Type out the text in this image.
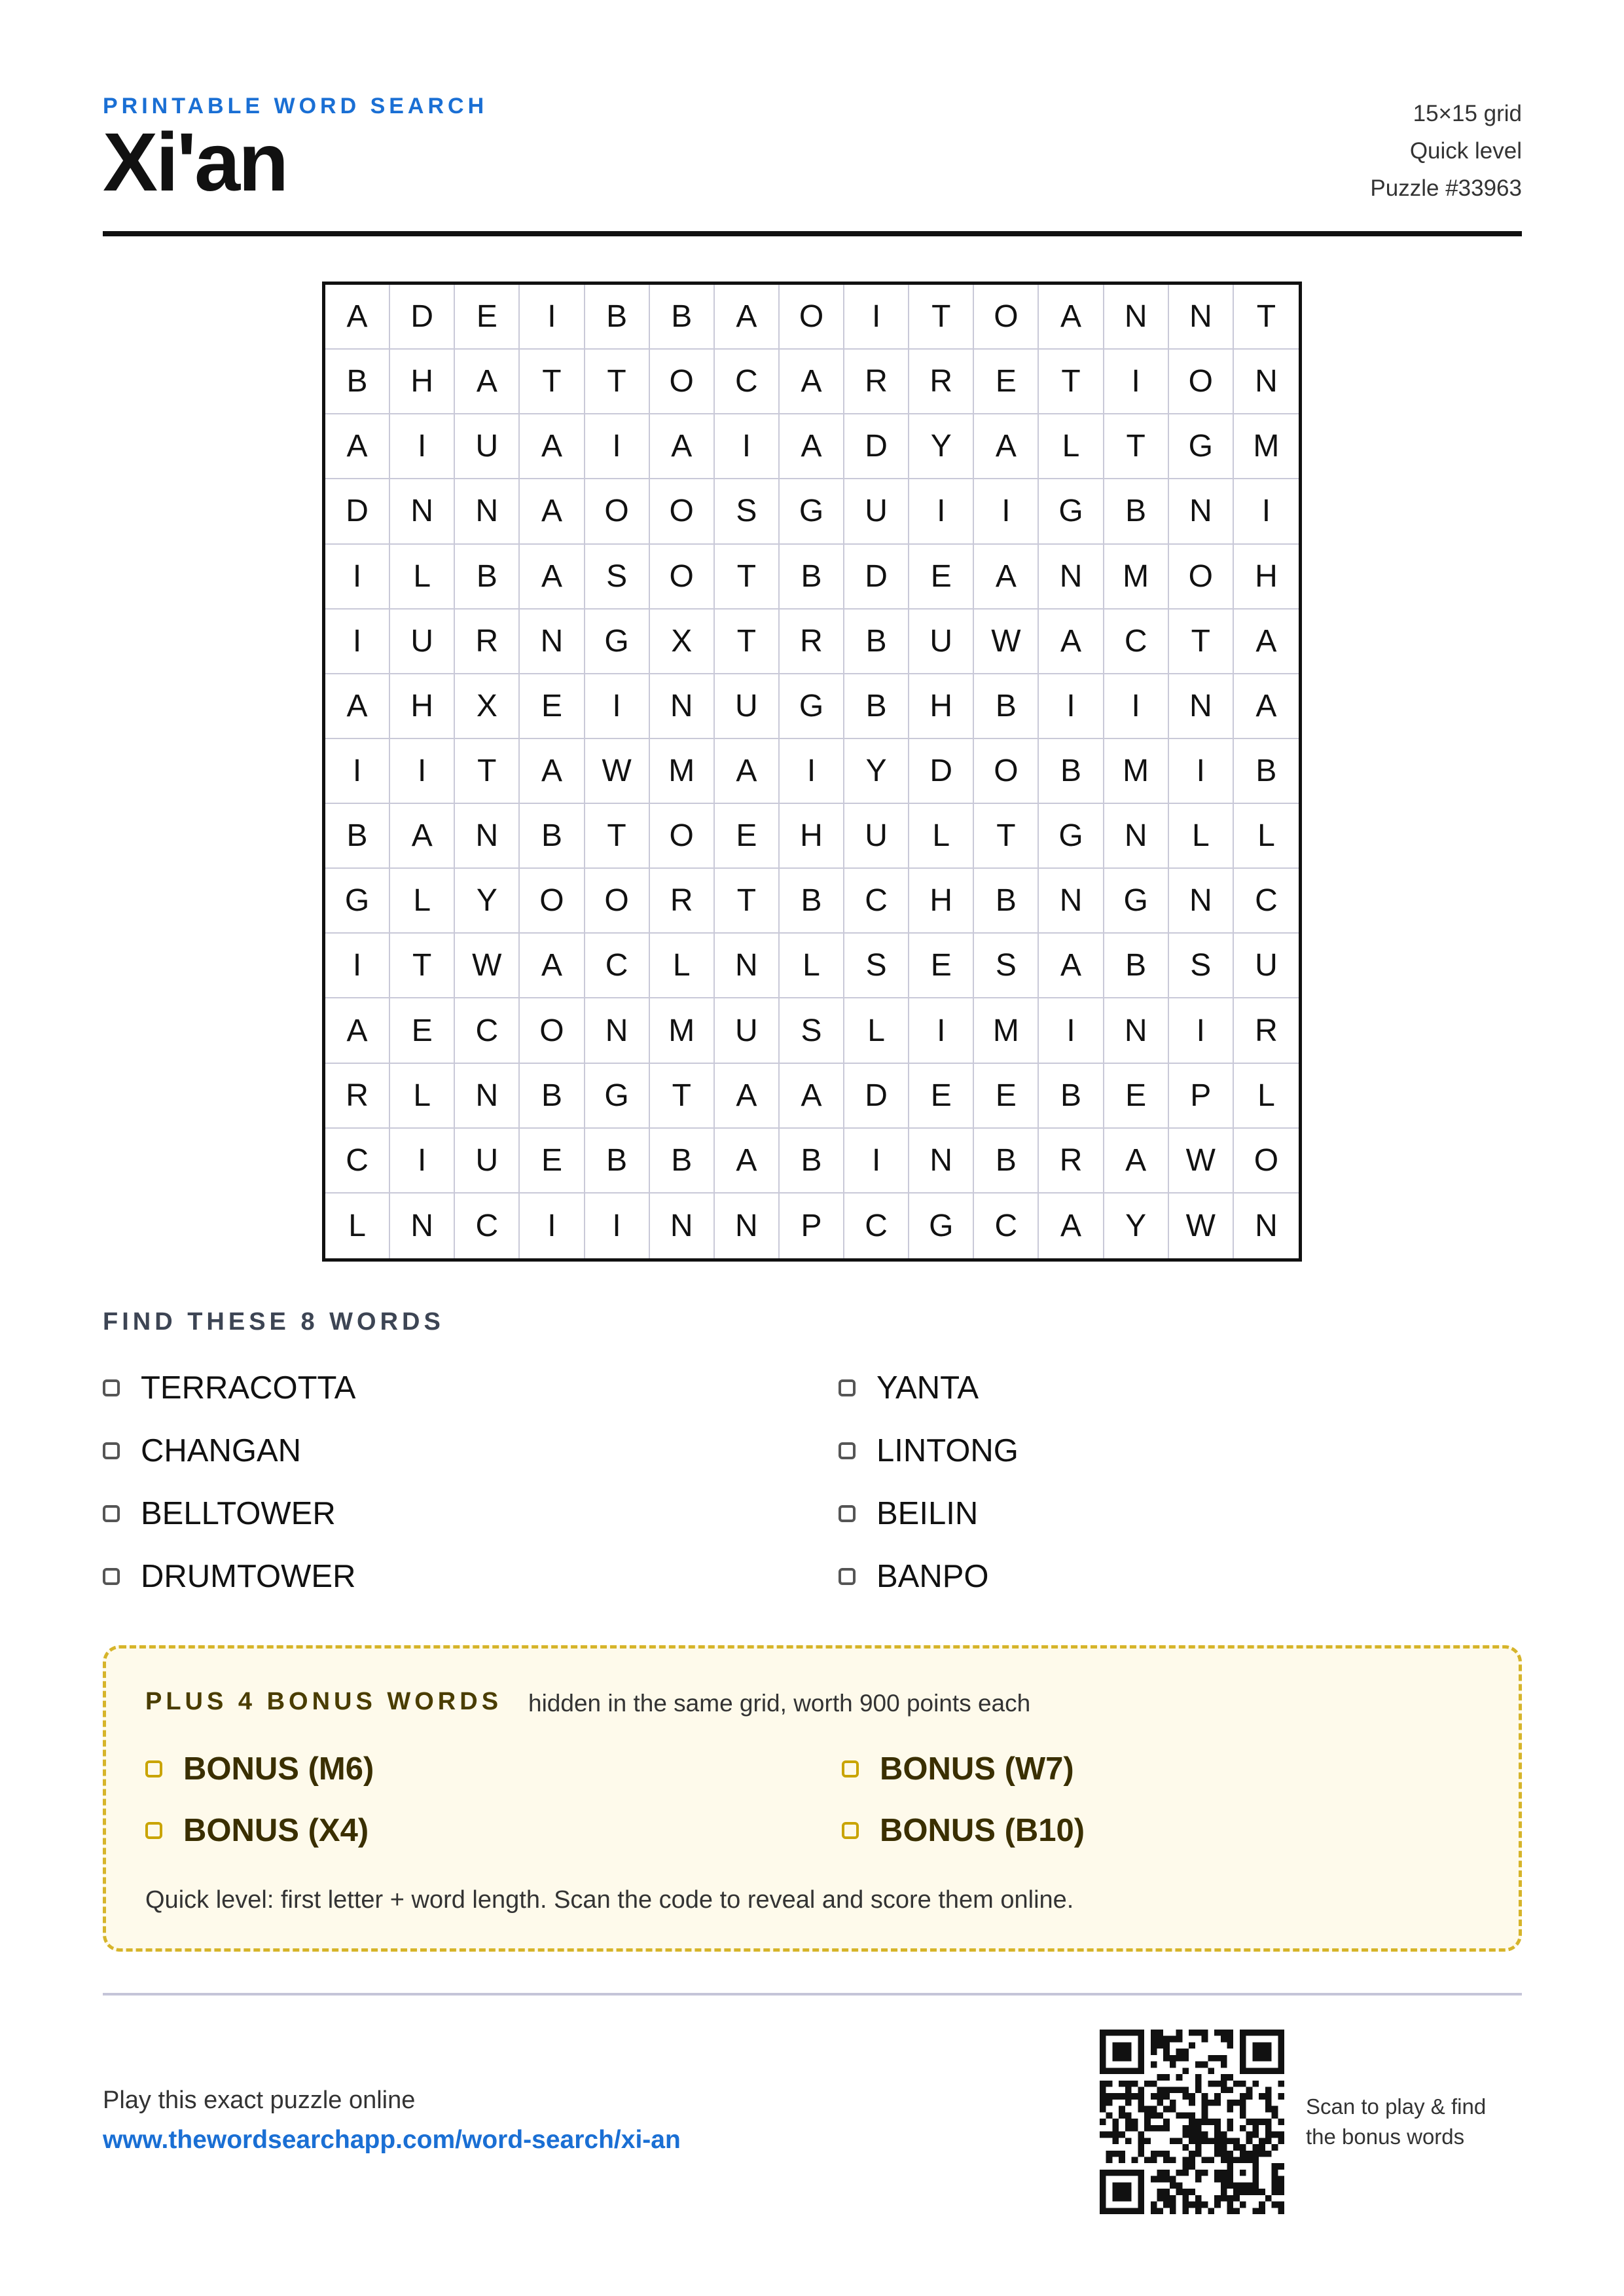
PRINTABLE WORD SEARCH
Xi'an
15×15 grid
Quick level
Puzzle #33963
A	D	E	I	B	B	A	O	I	T	O	A	N	N	T
B	H	A	T	T	O	C	A	R	R	E	T	I	O	N
A	I	U	A	I	A	I	A	D	Y	A	L	T	G	M
D	N	N	A	O	O	S	G	U	I	I	G	B	N	I
I	L	B	A	S	O	T	B	D	E	A	N	M	O	H
I	U	R	N	G	X	T	R	B	U	W	A	C	T	A
A	H	X	E	I	N	U	G	B	H	B	I	I	N	A
I	I	T	A	W	M	A	I	Y	D	O	B	M	I	B
B	A	N	B	T	O	E	H	U	L	T	G	N	L	L
G	L	Y	O	O	R	T	B	C	H	B	N	G	N	C
I	T	W	A	C	L	N	L	S	E	S	A	B	S	U
A	E	C	O	N	M	U	S	L	I	M	I	N	I	R
R	L	N	B	G	T	A	A	D	E	E	B	E	P	L
C	I	U	E	B	B	A	B	I	N	B	R	A	W	O
L	N	C	I	I	N	N	P	C	G	C	A	Y	W	N
FIND THESE 8 WORDS
TERRACOTTA	YANTA
CHANGAN	LINTONG
BELLTOWER	BEILIN
DRUMTOWER	BANPO
PLUS 4 BONUS WORDS hidden in the same grid, worth 900 points each
BONUS (M6)	BONUS (W7)
BONUS (X4)	BONUS (B10)
Quick level: first letter + word length. Scan the code to reveal and score them online.
Play this exact puzzle online
www.thewordsearchapp.com/word-search/xi-an
Scan to play & find
the bonus words
